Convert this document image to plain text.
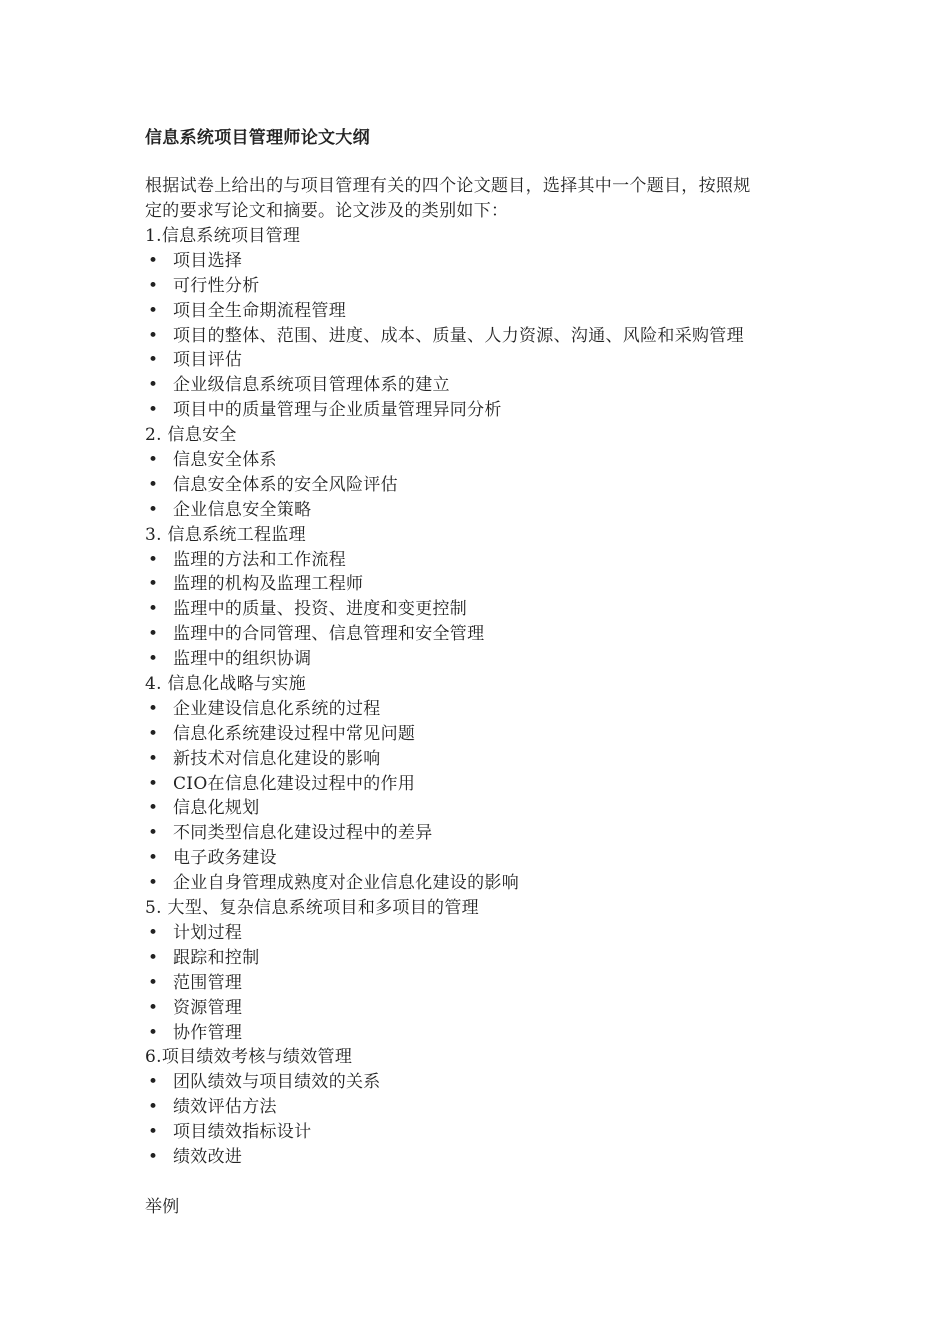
信息系统项目管理师论文大纲

根据试卷上给出的与项目管理有关的四个论文题目，选择其中一个题目，按照规

定的要求写论文和摘要。论文涉及的类别如下：

1.信息系统项目管理
• 项目选择
• 可行性分析
• 项目全生命期流程管理
• 项目的整体、范围、进度、成本、质量、人力资源、沟通、风险和采购管理
• 项目评估
• 企业级信息系统项目管理体系的建立
• 项目中的质量管理与企业质量管理异同分析
2. 信息安全
• 信息安全体系
• 信息安全体系的安全风险评估
• 企业信息安全策略
3. 信息系统工程监理
• 监理的方法和工作流程
• 监理的机构及监理工程师
• 监理中的质量、投资、进度和变更控制
• 监理中的合同管理、信息管理和安全管理
• 监理中的组织协调
4. 信息化战略与实施
• 企业建设信息化系统的过程
• 信息化系统建设过程中常见问题
• 新技术对信息化建设的影响
• CIO在信息化建设过程中的作用
• 信息化规划
• 不同类型信息化建设过程中的差异
• 电子政务建设
• 企业自身管理成熟度对企业信息化建设的影响
5. 大型、复杂信息系统项目和多项目的管理
• 计划过程
• 跟踪和控制
• 范围管理
• 资源管理
• 协作管理
6.项目绩效考核与绩效管理
• 团队绩效与项目绩效的关系
• 绩效评估方法
• 项目绩效指标设计
• 绩效改进
举例
